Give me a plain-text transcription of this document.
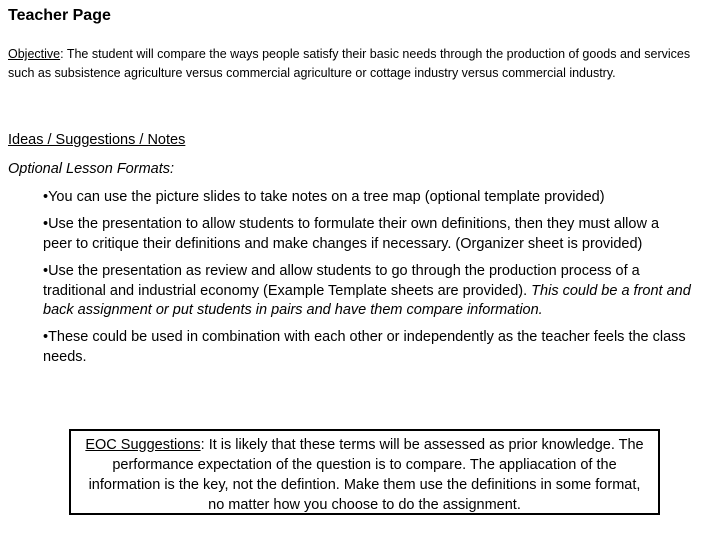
Teacher Page
Objective: The student will compare the ways people satisfy their basic needs through the production of goods and services such as subsistence agriculture versus commercial agriculture or cottage industry versus commercial industry.
Ideas / Suggestions / Notes
Optional Lesson Formats:
•You can use the picture slides to take notes on a tree map (optional template provided)
•Use the presentation to allow students to formulate their own definitions, then they must allow a peer to critique their definitions and make changes if necessary. (Organizer sheet is provided)
•Use the presentation as review and allow students to go through the production process of a traditional and industrial economy (Example Template sheets are provided). This could be a front and back assignment or put students in pairs and have them compare information.
•These could be used in combination with each other or independently as the teacher feels the class needs.
EOC Suggestions: It is likely that these terms will be assessed as prior knowledge. The performance expectation of the question is to compare. The appliacation of the information is the key, not the defintion. Make them use the definitions in some format, no matter how you choose to do the assignment.
